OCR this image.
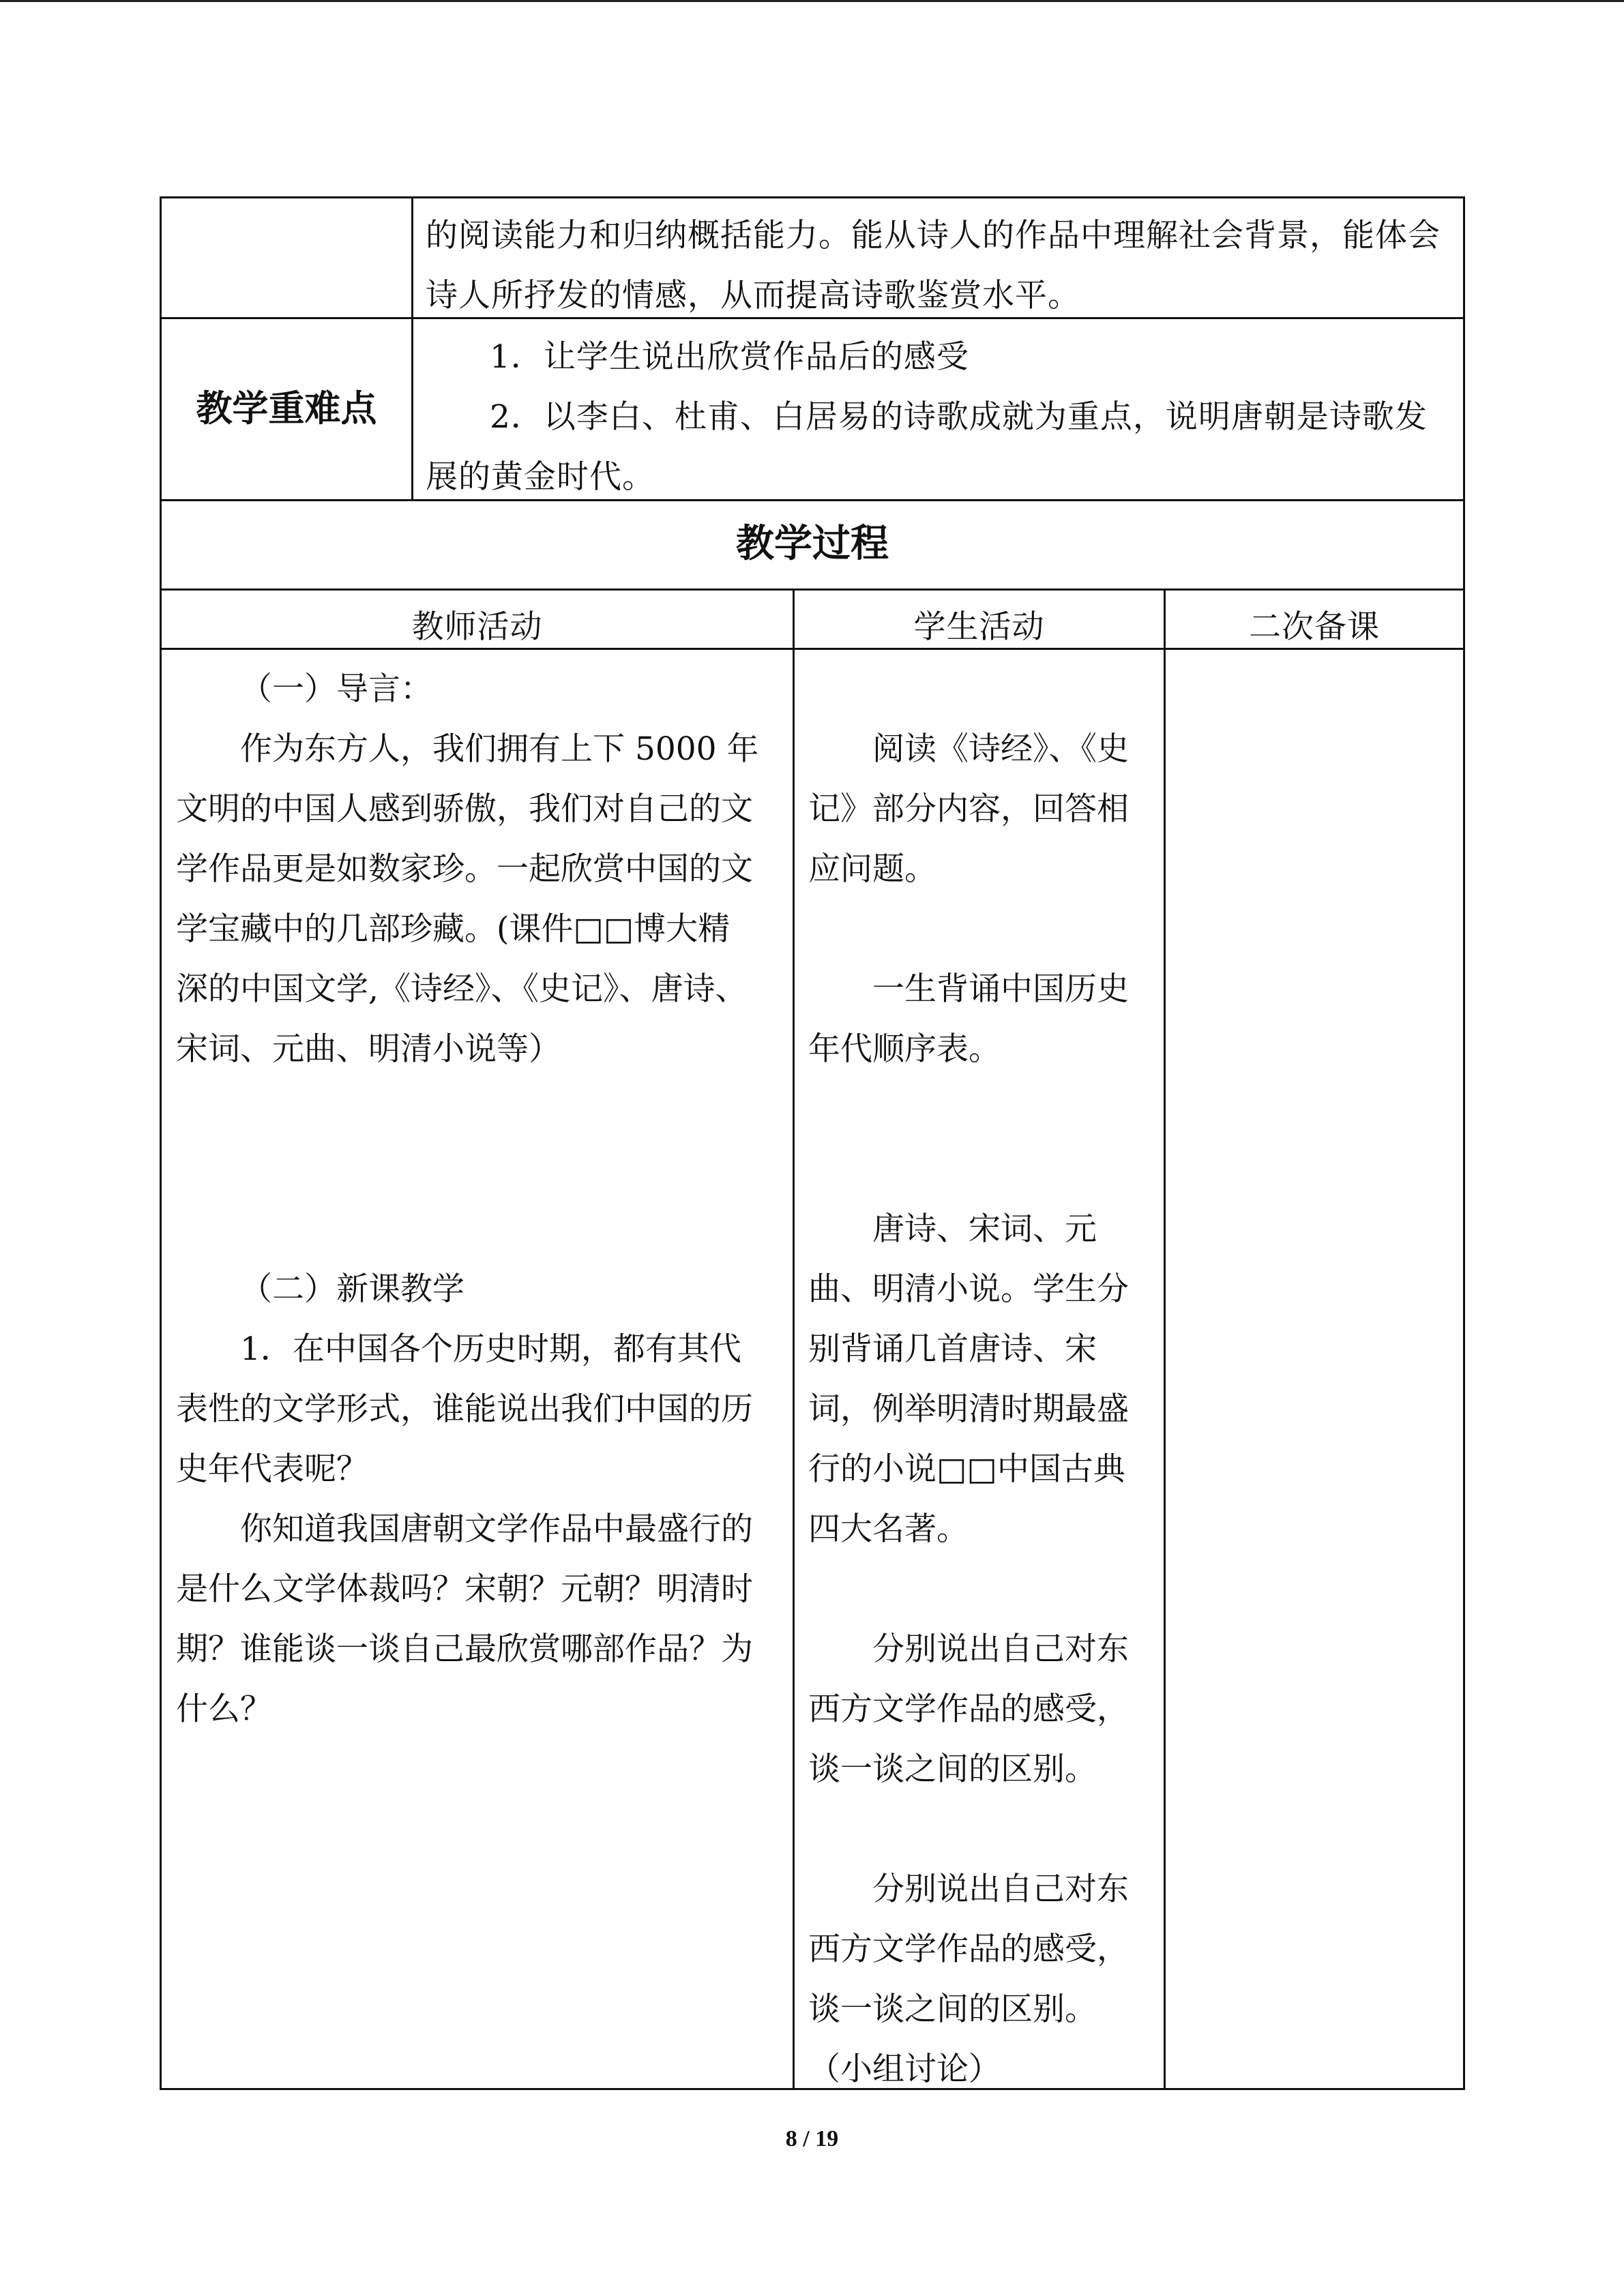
的阅读能力和归纳概括能力。能从诗人的作品中理解社会背景，能体会
诗人所抒发的情感，从而提高诗歌鉴赏水平。
教学重难点
1．让学生说出欣赏作品后的感受
2．以李白、杜甫、白居易的诗歌成就为重点，说明唐朝是诗歌发
展的黄金时代。
教学过程
教师活动	学生活动	二次备课

（一）导言：

作为东方人，我们拥有上下 5000 年

文明的中国人感到骄傲，我们对自己的文

学作品更是如数家珍。一起欣赏中国的文

学宝藏中的几部珍藏。(课件□□博大精

深的中国文学,《诗经》、《史记》、唐诗、

宋词、元曲、明清小说等）

（二）新课教学

1．在中国各个历史时期，都有其代

表性的文学形式，谁能说出我们中国的历

史年代表呢？

你知道我国唐朝文学作品中最盛行的

是什么文学体裁吗？宋朝？元朝？明清时

期？谁能谈一谈自己最欣赏哪部作品？为

什么？

阅读《诗经》、《史

记》部分内容，回答相

应问题。

一生背诵中国历史

年代顺序表。

唐诗、宋词、元

曲、明清小说。学生分

别背诵几首唐诗、宋

词，例举明清时期最盛

行的小说□□中国古典

四大名著。

分别说出自己对东

西方文学作品的感受，

谈一谈之间的区别。

分别说出自己对东

西方文学作品的感受，

谈一谈之间的区别。

（小组讨论）

8 / 19
